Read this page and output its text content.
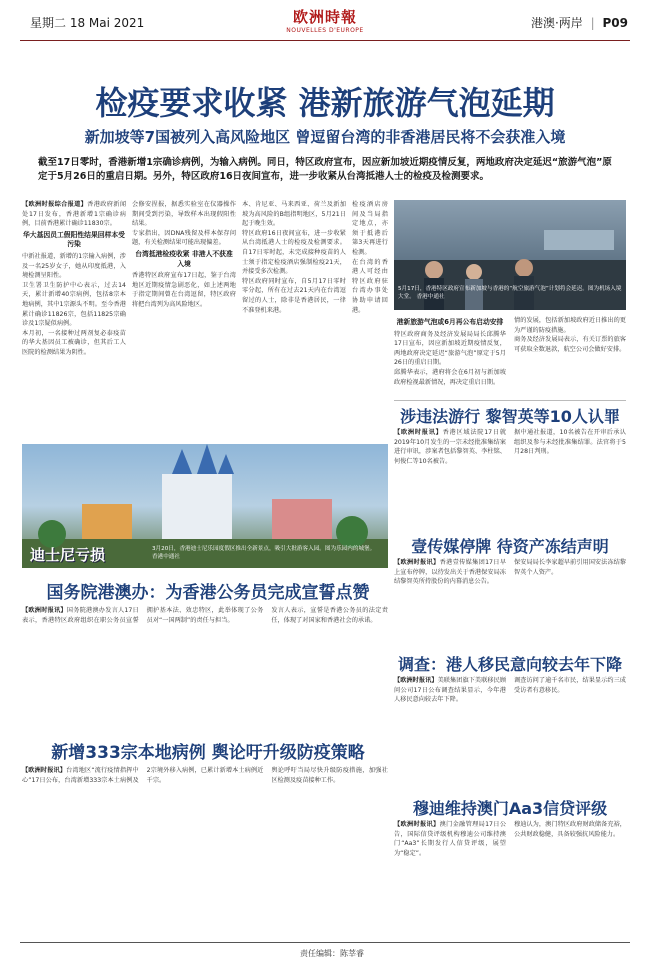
星期二 18 Mai 2021	欧洲時報
NOUVELLES D'EUROPE
港澳·两岸 | P09
检疫要求收紧 港新旅游气泡延期
新加坡等7国被列入高风险地区 曾逗留台湾的非香港居民将不会获准入境
截至17日零时，香港新增1宗确诊病例，为输入病例。同日，特区政府宣布，因应新加坡近期疫情反复，两地政府决定延迟“旅游气泡”原定于5月26日的重启日期。另外，特区政府16日夜间宣布，进一步收紧从台湾抵港人士的检疫及检测要求。

【欧洲时报综合报道】香港政府新闻处17日发布，香港新增1宗确诊病例，目前香港累计确诊11830宗。

华大基因员工假阳性结果回样本受污染

中新社报道，新增的1宗输入病例，涉及一名25岁女子，她从印度抵港，入境检测呈阳性。

卫生署卫生防护中心表示，过去14天，累计新增40宗病例，包括8宗本地病例，其中1宗源头不明。至今香港累计确诊11826宗，包括11825宗确诊及1宗疑似病例。

本月初，一名接种过两剂复必泰疫苗的华大基因员工被确诊，但其后工人医院的检测结果为阴性。

会修安捏报，据悉实验室在仪器操作期间受到污染，导致样本出现假阳性结果。

专家指出，因DNA残留及样本保存问题，有关检测结果可能出现偏差。

台湾抵港检疫收紧 非港人不获准入境

香港特区政府宣布17日起，鉴于台湾地区近期疫情急剧恶化，如上述两地于指定期间曾在台湾逗留，特区政府将把台湾列为高风险地区。

本、肯尼亚、马来西亚、荷兰及新加坡为高风险的B组指明地区，5月21日起于晚生效。

特区政府16日夜间宣布，进一步收紧从台湾抵港人士的检疫及检测要求。自17日零时起，未完成接种疫苗的人士须于指定检疫酒店强制检疫21天，并接受多次检测。

特区政府同时宣布，自5月17日零时零分起，所有在过去21天内在台湾逗留过的人士，除非是香港居民，一律不准登机来港。

5月17日，香港特区政府宣布新加坡与香港的“航空旅游气泡”计划将会延迟。图为机场入境大堂。 香港中通社

港新旅游气泡或6月再公布启动安排

特区政府商务及经济发展局局长邱腾华17日宣布，因应新加坡近期疫情反复，两地政府决定延迟“旅游气泡”原定于5月26日的重启日期。

邱腾华表示，港府将会在6月初与新加坡政府检视最新情况，再决定重启日期。

情的发展，包括新加坡政府近日推出的更为严谨的防疫措施。

商务及经济发展局表示，有关订票的旅客可获取全数退款，航空公司会做好安排。

检疫酒店房间及当局指定地点，亦须于抵港后第3天再进行检测。

在台湾的香港人可经由特区政府驻台湾办事处协助申请回港。

迪士尼亏损	3月20日，香港迪士尼乐园度假区推出全新景点，吸引大批游客入园。图为乐园内的城堡。 香港中通社
涉违法游行 黎智英等10人认罪

【欧洲时报讯】香港区域法院17日就2019年10月发生的一宗未经批准集结案进行审讯，涉案者包括黎智英、李柱铭、何俊仁等10名被告。

据中通社报道，10名被告在开审后承认组织及参与未经批准集结罪。法官将于5月28日判刑。

壹传媒停牌 待资产冻结声明

【欧洲时报讯】香港壹传媒集团17日早上宣布停牌，以待发出关于香港保安局冻结黎智英所持股份的内幕消息公告。

保安局局长李家超早前引用国安法冻结黎智英个人资产。

国务院港澳办：为香港公务员完成宣誓点赞

【欧洲时报讯】国务院港澳办发言人17日表示，香港特区政府组织在职公务员宣誓拥护基本法、效忠特区，此举体现了公务员对“一国两制”的责任与担当。

发言人表示，宣誓是香港公务员的法定责任，体现了对国家和香港社会的承诺。

调查：港人移民意向较去年下降

【欧洲时报讯】美联集团旗下美联移民顾问公司17日公布调查结果显示，今年港人移民意向较去年下降。

调查访问了逾千名市民，结果显示约三成受访者有意移民。

新增333宗本地病例 舆论吁升级防疫策略

【欧洲时报讯】台湾地区“流行疫情指挥中心”17日公布，台湾新增333宗本土病例及2宗境外移入病例，已累计新增本土病例近千宗。

舆论呼吁当局尽快升级防疫措施，加强社区检测及疫苗接种工作。

穆迪维持澳门Aa3信贷评级

【欧洲时报讯】澳门金融管理局17日公告，国际信贷评级机构穆迪公司维持澳门“Aa3”长期发行人信贷评级，展望为“稳定”。

穆迪认为，澳门特区政府财政储备充裕，公共财政稳健，具备较强抗风险能力。

责任编辑：陈莘睿
